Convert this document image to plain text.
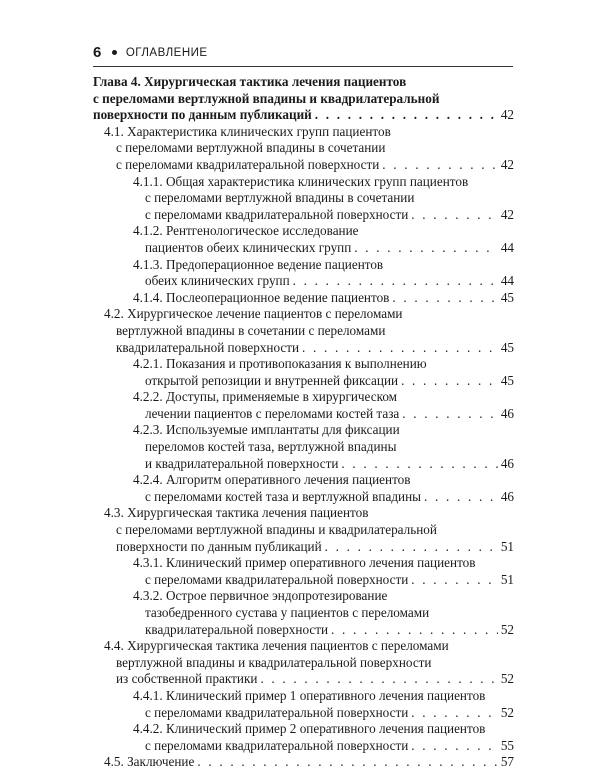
6 ОГЛАВЛЕНИЕ
Глава 4. Хирургическая тактика лечения пациентов
с переломами вертлужной впадины и квадрилатеральной
поверхности по данным публикаций . . .	42
4.1. Характеристика клинических групп пациентов
с переломами вертлужной впадины в сочетании
с переломами квадрилатеральной поверхности . . .	42
4.1.1. Общая характеристика клинических групп пациентов
с переломами вертлужной впадины в сочетании
с переломами квадрилатеральной поверхности . . .	42
4.1.2. Рентгенологическое исследование
пациентов обеих клинических групп . . .	44
4.1.3. Предоперационное ведение пациентов
обеих клинических групп . . .	44
4.1.4. Послеоперационное ведение пациентов . . .	45
4.2. Хирургическое лечение пациентов с переломами
вертлужной впадины в сочетании с переломами
квадрилатеральной поверхности . . .	45
4.2.1. Показания и противопоказания к выполнению
открытой репозиции и внутренней фиксации . . .	45
4.2.2. Доступы, применяемые в хирургическом
лечении пациентов с переломами костей таза . . .	46
4.2.3. Используемые имплантаты для фиксации
переломов костей таза, вертлужной впадины
и квадрилатеральной поверхности . . .	46
4.2.4. Алгоритм оперативного лечения пациентов
с переломами костей таза и вертлужной впадины . . .	46
4.3. Хирургическая тактика лечения пациентов
с переломами вертлужной впадины и квадрилатеральной
поверхности по данным публикаций . . .	51
4.3.1. Клинический пример оперативного лечения пациентов
с переломами квадрилатеральной поверхности . . .	51
4.3.2. Острое первичное эндопротезирование
тазобедренного сустава у пациентов с переломами
квадрилатеральной поверхности . . .	52
4.4. Хирургическая тактика лечения пациентов с переломами
вертлужной впадины и квадрилатеральной поверхности
из собственной практики . . .	52
4.4.1. Клинический пример 1 оперативного лечения пациентов
с переломами квадрилатеральной поверхности . . .	52
4.4.2. Клинический пример 2 оперативного лечения пациентов
с переломами квадрилатеральной поверхности . . .	55
4.5. Заключение . . .	57
